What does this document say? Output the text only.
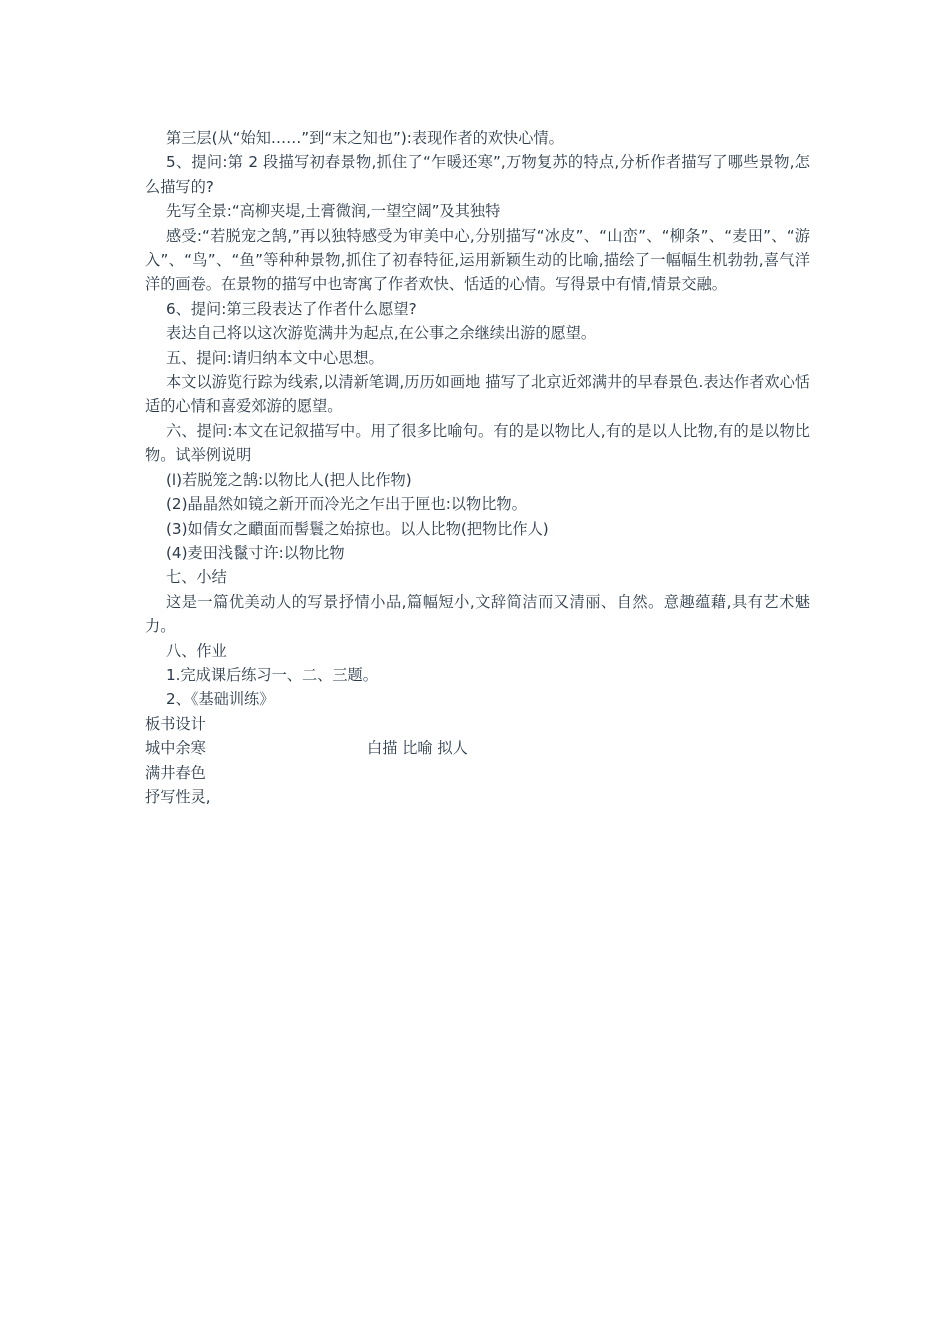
第三层(从“始知……”到“末之知也”):表现作者的欢快心情。

5、提问:第 2 段描写初春景物,抓住了“乍暖还寒”,万物复苏的特点,分析作者描写了哪些景物,怎么描写的?

先写全景:“高柳夹堤,土膏微润,一望空阔”及其独特

感受:“若脱宠之鹄,”再以独特感受为审美中心,分别描写“冰皮”、“山峦”、“柳条”、“麦田”、“游入”、“鸟”、“鱼”等种种景物,抓住了初春特征,运用新颖生动的比喻,描绘了一幅幅生机勃勃,喜气洋洋的画卷。在景物的描写中也寄寓了作者欢快、恬适的心情。写得景中有情,情景交融。

6、提问:第三段表达了作者什么愿望?

表达自己将以这次游览满井为起点,在公事之余继续出游的愿望。

五、提问:请归纳本文中心思想。

本文以游览行踪为线索,以清新笔调,历历如画地 描写了北京近郊满井的早春景色.表达作者欢心恬适的心情和喜爱郊游的愿望。

六、提问:本文在记叙描写中。用了很多比喻句。有的是以物比人,有的是以人比物,有的是以物比物。试举例说明

(l)若脱笼之鹄:以物比人(把人比作物)

(2)晶晶然如镜之新开而冷光之乍出于匣也:以物比物。

(3)如倩女之靧面而髻鬟之始掠也。以人比物(把物比作人)

(4)麦田浅鬣寸许:以物比物

七、小结

这是一篇优美动人的写景抒情小品,篇幅短小,文辞简洁而又清丽、自然。意趣蕴藉,具有艺术魅力。

八、作业

1.完成课后练习一、二、三题。

2、《基础训练》

板书设计
城中余寒	白描 比喻 拟人
满井春色
抒写性灵,
